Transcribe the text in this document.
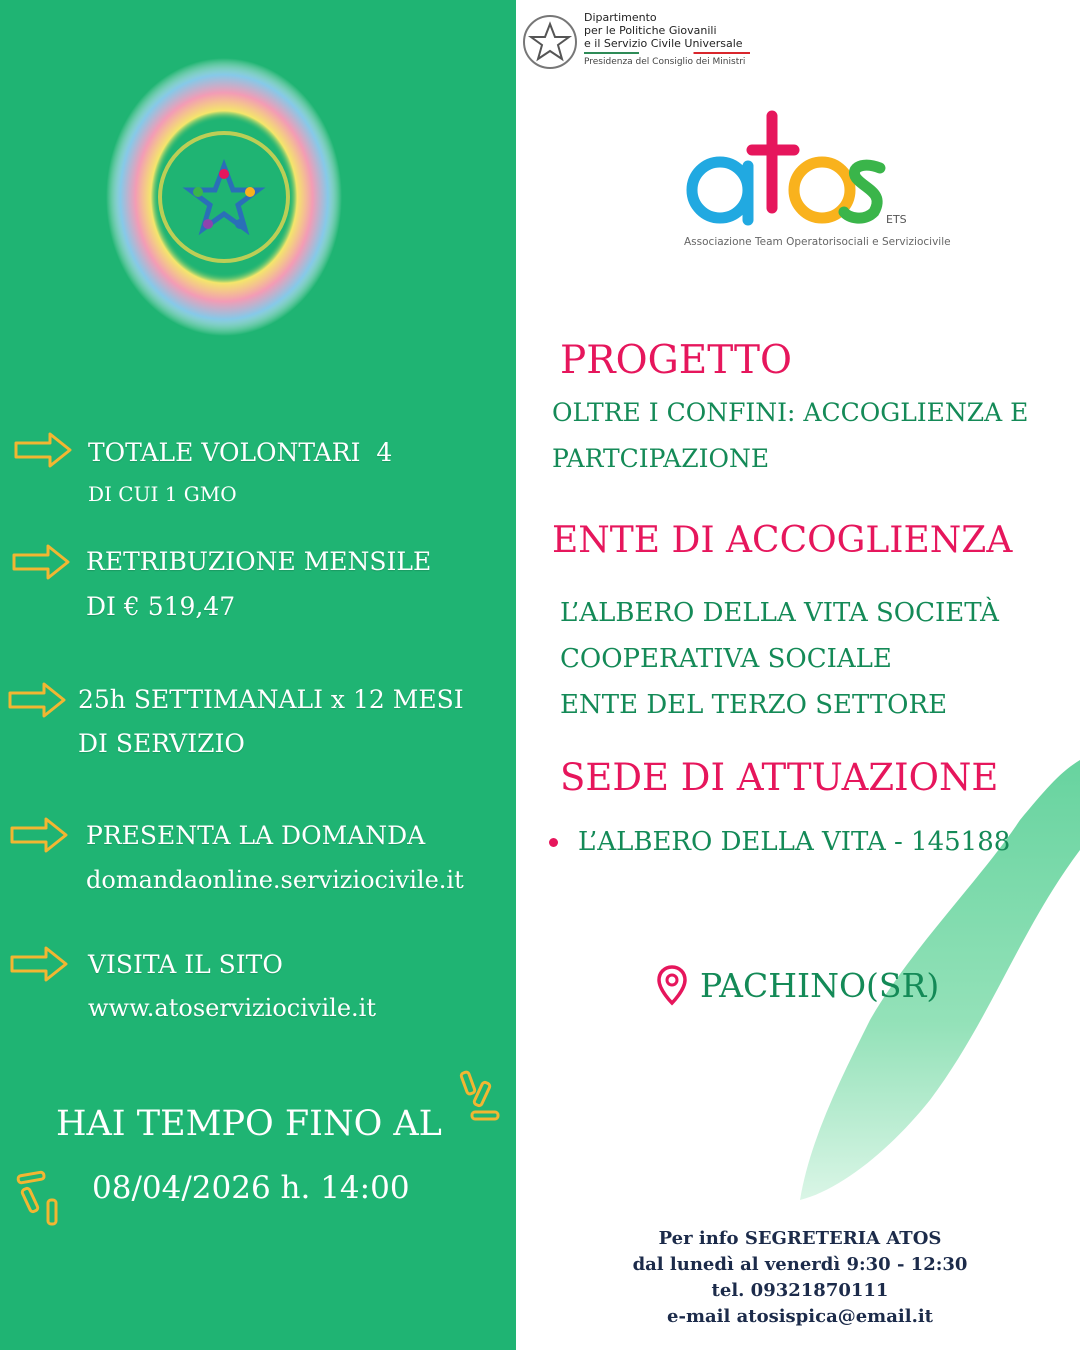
Dipartimento
per le Politiche Giovanili
e il Servizio Civile Universale
Presidenza del Consiglio dei Ministri
ETS
Associazione Team Operatorisociali e Serviziocivile
TOTALE VOLONTARI  4
DI CUI 1 GMO
RETRIBUZIONE MENSILE
DI € 519,47
25h SETTIMANALI x 12 MESI
DI SERVIZIO
PRESENTA LA DOMANDA
domandaonline.serviziocivile.it
VISITA IL SITO
www.atoserviziocivile.it
HAI TEMPO FINO AL
08/04/2026 h. 14:00
PROGETTO
OLTRE I CONFINI: ACCOGLIENZA E
PARTCIPAZIONE
ENTE DI ACCOGLIENZA
L’ALBERO DELLA VITA SOCIETÀ
COOPERATIVA SOCIALE
ENTE DEL TERZO SETTORE
SEDE DI ATTUAZIONE
L’ALBERO DELLA VITA - 145188
PACHINO(SR)
Per info SEGRETERIA ATOS
dal lunedì al venerdì 9:30 - 12:30
tel. 09321870111
e-mail atosispica@email.it
